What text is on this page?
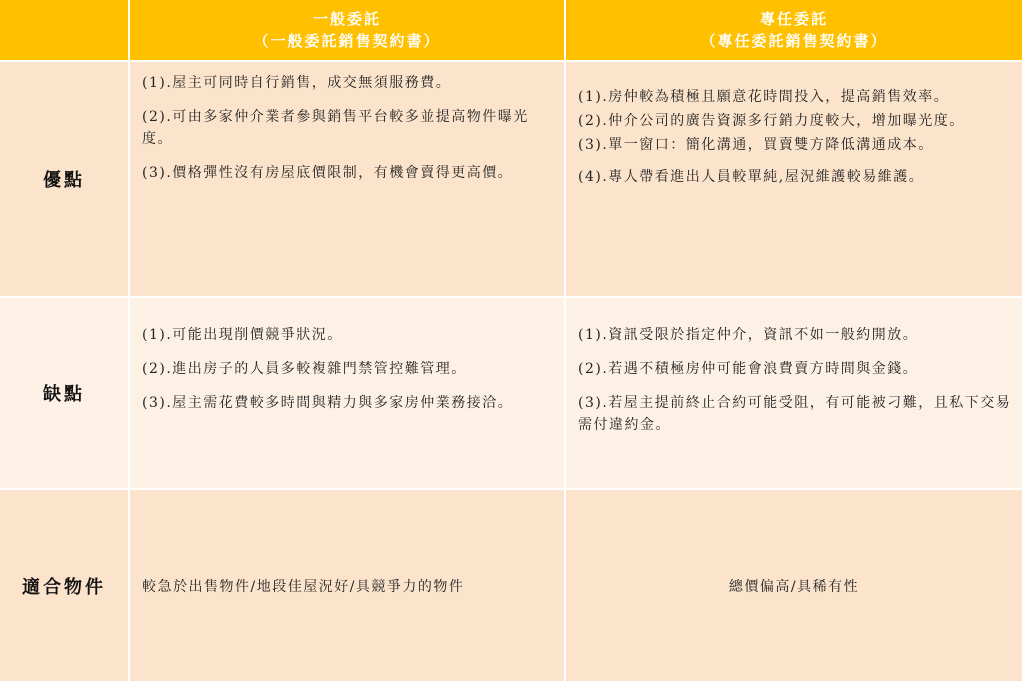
一般委託
（一般委託銷售契約書）
專任委託
（專任委託銷售契約書）
優點

(1).屋主可同時自行銷售，成交無須服務費。

(2).可由多家仲介業者參與銷售平台較多並提高物件曝光度。

(3).價格彈性沒有房屋底價限制，有機會賣得更高價。

(1).房仲較為積極且願意花時間投入，提高銷售效率。

(2).仲介公司的廣告資源多行銷力度較大，增加曝光度。

(3).單一窗口：簡化溝通，買賣雙方降低溝通成本。

(4).專人帶看進出人員較單純,屋況維護較易維護。

缺點

(1).可能出現削價競爭狀況。

(2).進出房子的人員多較複雜門禁管控難管理。

(3).屋主需花費較多時間與精力與多家房仲業務接洽。

(1).資訊受限於指定仲介，資訊不如一般約開放。

(2).若遇不積極房仲可能會浪費賣方時間與金錢。

(3).若屋主提前終止合約可能受阻，有可能被刁難，且私下交易需付違約金。

適合物件	較急於出售物件/地段佳屋況好/具競爭力的物件	總價偏高/具稀有性
